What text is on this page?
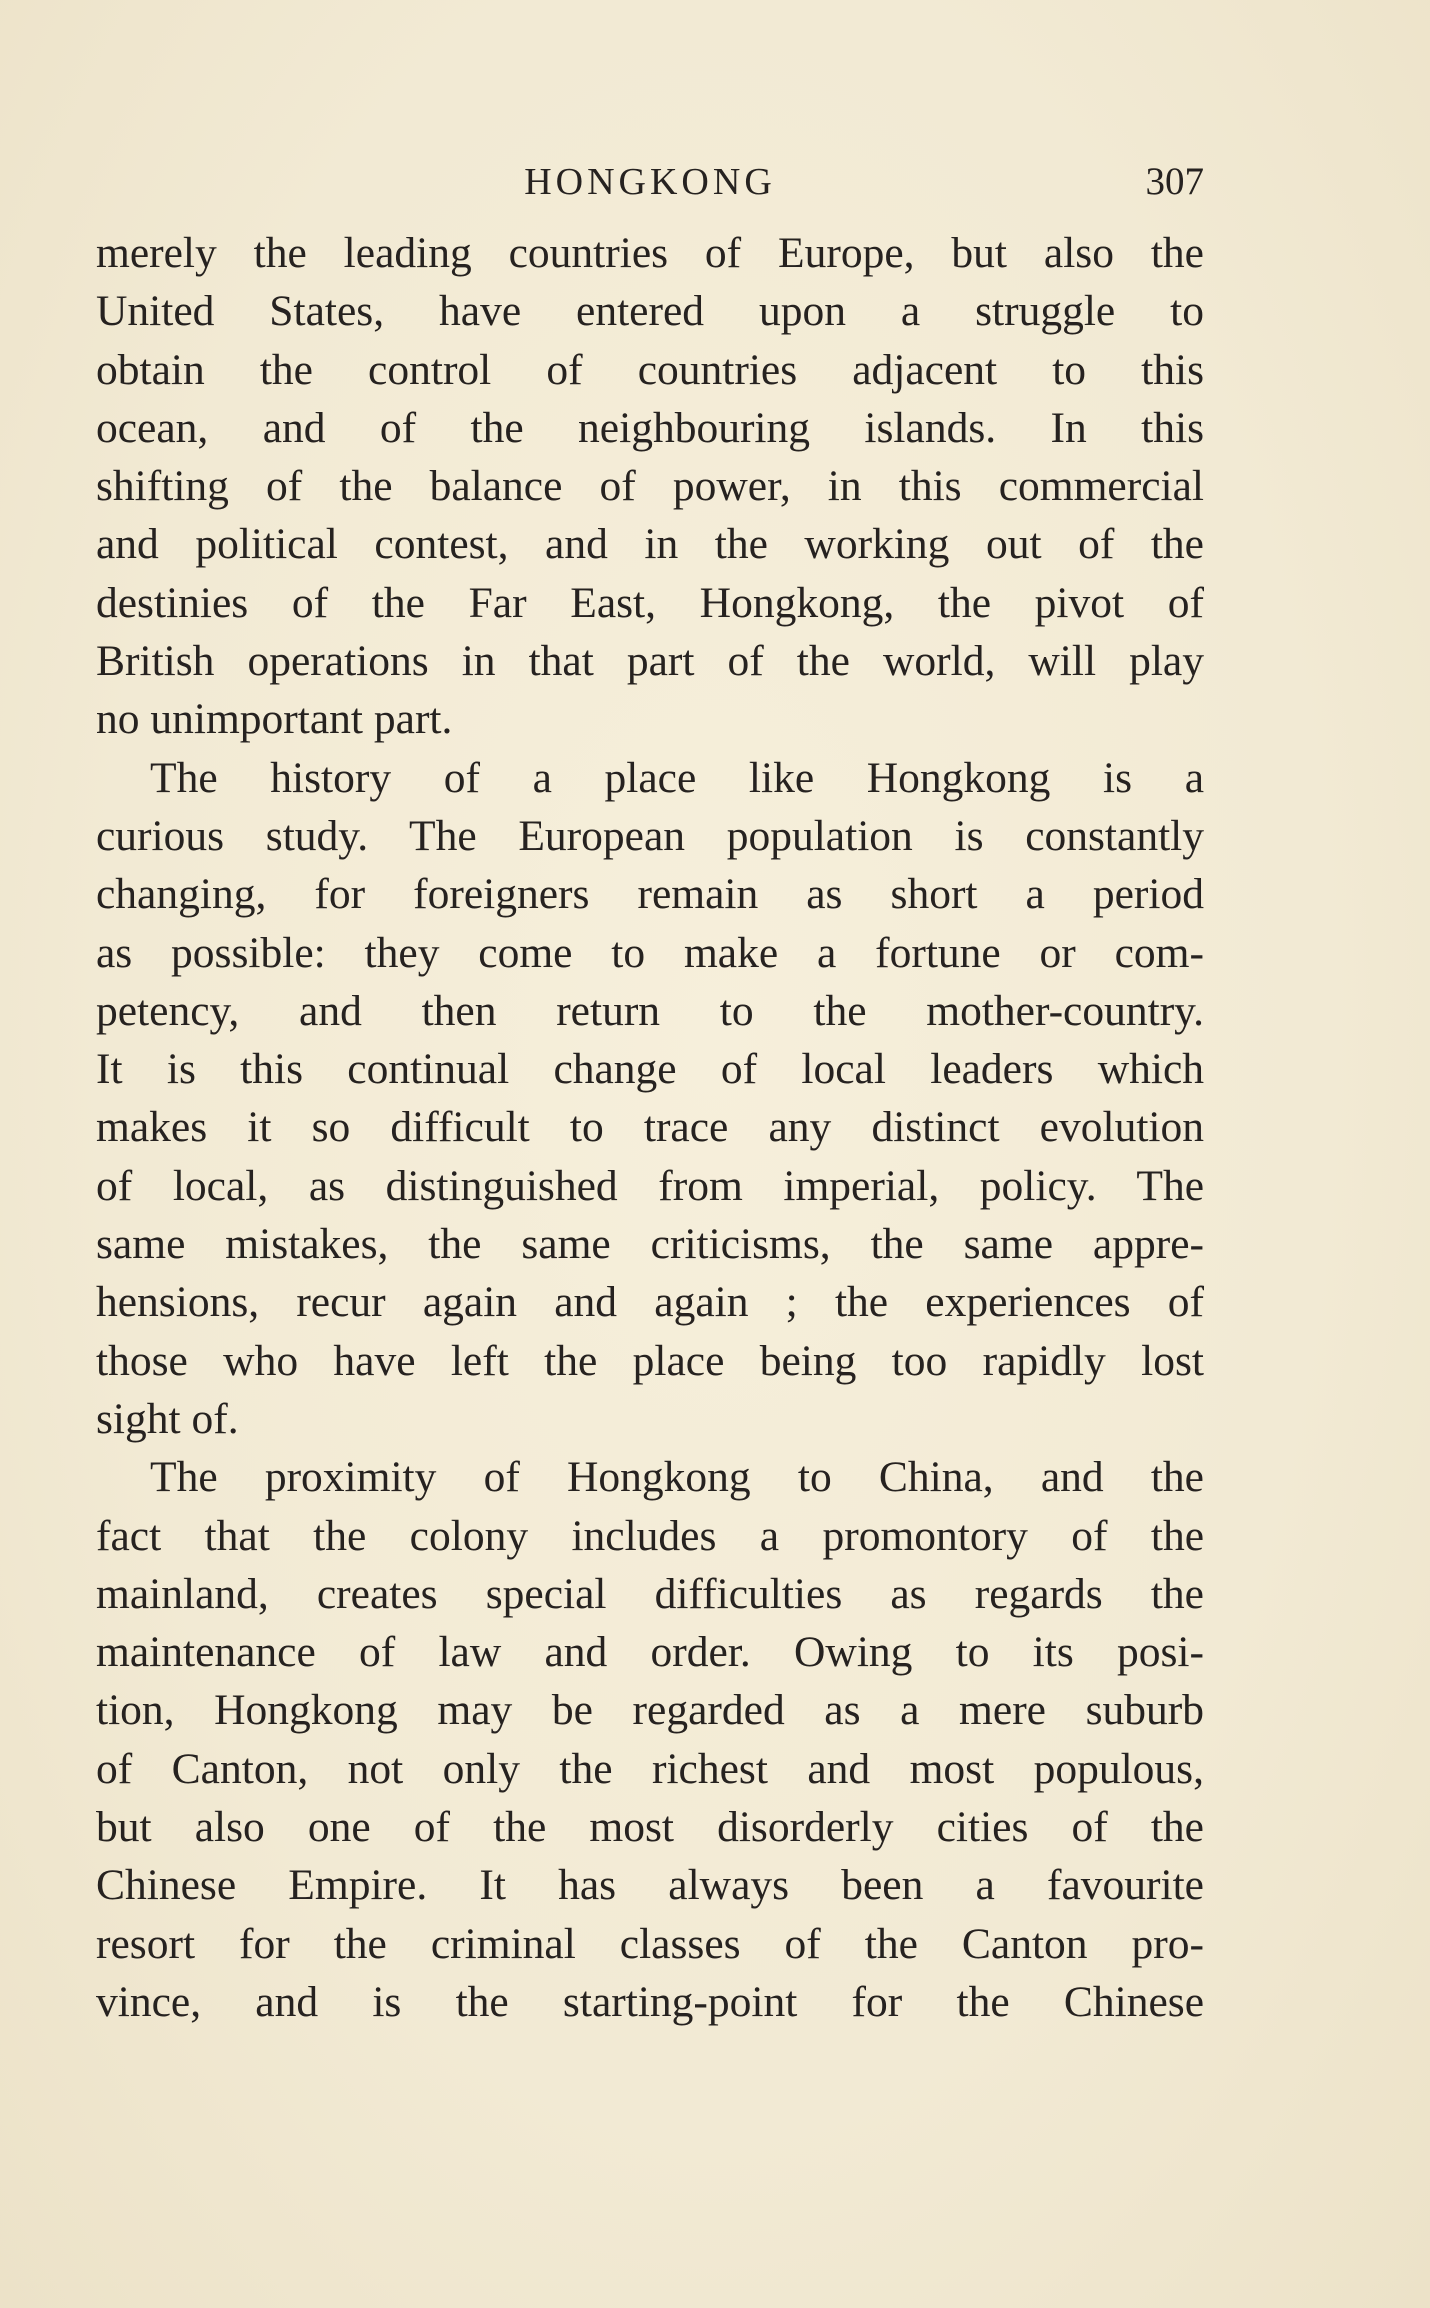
HONGKONG	307
merely the leading countries of Europe, but also the
United States, have entered upon a struggle to
obtain the control of countries adjacent to this
ocean, and of the neighbouring islands. In this
shifting of the balance of power, in this commercial
and political contest, and in the working out of the
destinies of the Far East, Hongkong, the pivot of
British operations in that part of the world, will play
no unimportant part.
The history of a place like Hongkong is a
curious study. The European population is constantly
changing, for foreigners remain as short a period
as possible: they come to make a fortune or com-
petency, and then return to the mother-country.
It is this continual change of local leaders which
makes it so difficult to trace any distinct evolution
of local, as distinguished from imperial, policy. The
same mistakes, the same criticisms, the same appre-
hensions, recur again and again ; the experiences of
those who have left the place being too rapidly lost
sight of.
The proximity of Hongkong to China, and the
fact that the colony includes a promontory of the
mainland, creates special difficulties as regards the
maintenance of law and order. Owing to its posi-
tion, Hongkong may be regarded as a mere suburb
of Canton, not only the richest and most populous,
but also one of the most disorderly cities of the
Chinese Empire. It has always been a favourite
resort for the criminal classes of the Canton pro-
vince, and is the starting-point for the Chinese
